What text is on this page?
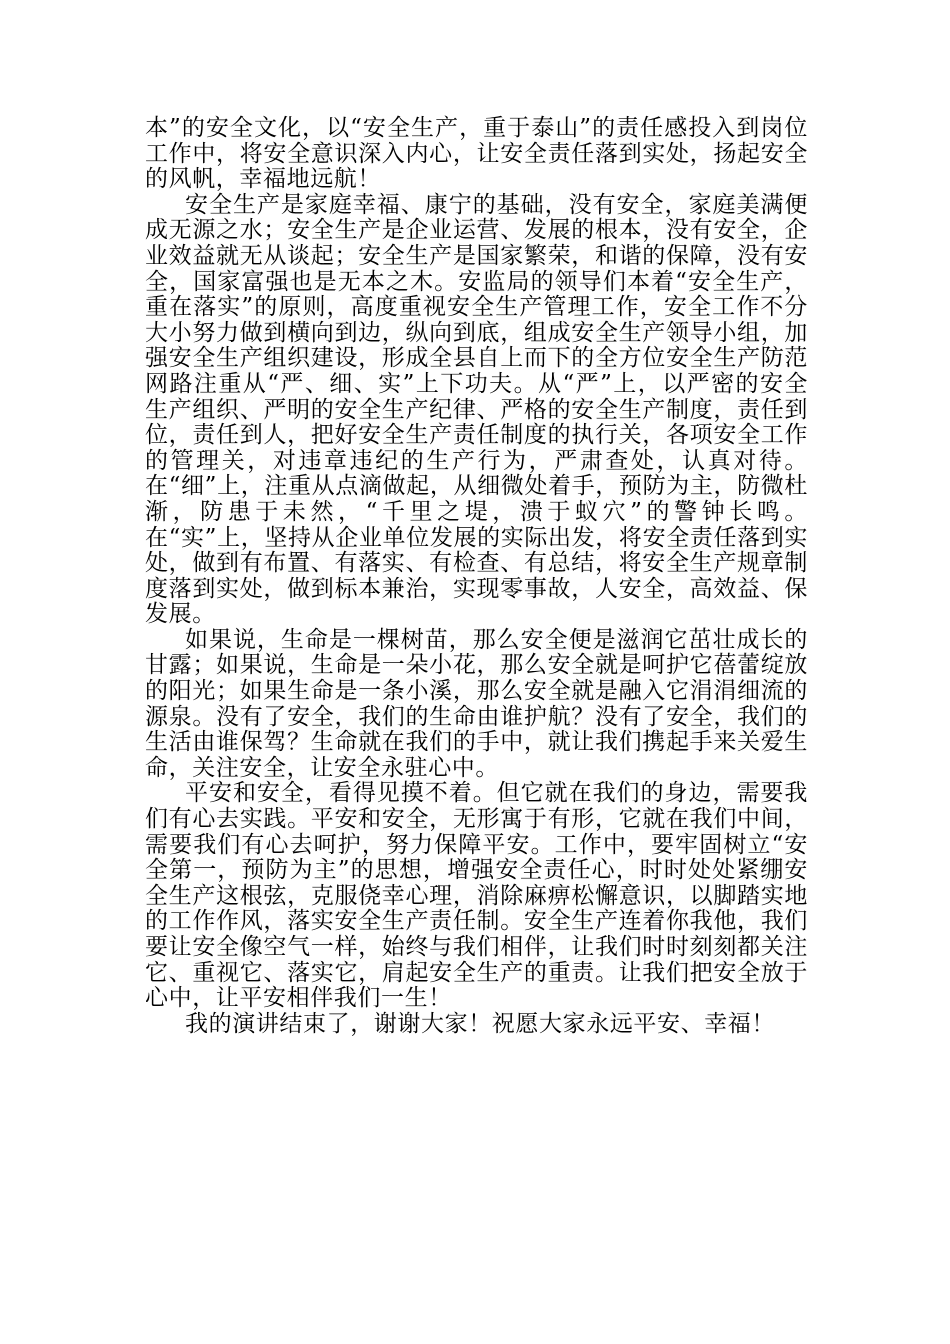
本”的安全文化，以“安全生产，重于泰山”的责任感投入到岗位工作中，将安全意识深入内心，让安全责任落到实处，扬起安全的风帆，幸福地远航！

安全生产是家庭幸福、康宁的基础，没有安全，家庭美满便成无源之水；安全生产是企业运营、发展的根本，没有安全，企业效益就无从谈起；安全生产是国家繁荣，和谐的保障，没有安全，国家富强也是无本之木。安监局的领导们本着“安全生产，重在落实”的原则，高度重视安全生产管理工作，安全工作不分大小努力做到横向到边，纵向到底，组成安全生产领导小组，加强安全生产组织建设，形成全县自上而下的全方位安全生产防范网路注重从“严、细、实”上下功夫。从“严”上，以严密的安全生产组织、严明的安全生产纪律、严格的安全生产制度，责任到位，责任到人，把好安全生产责任制度的执行关，各项安全工作的管理关，对违章违纪的生产行为，严肃查处，认真对待。在“细”上，注重从点滴做起，从细微处着手，预防为主，防微杜渐，防患于未然，“千里之堤，溃于蚁穴”的警钟长鸣。在“实”上，坚持从企业单位发展的实际出发，将安全责任落到实处，做到有布置、有落实、有检查、有总结，将安全生产规章制度落到实处，做到标本兼治，实现零事故，人安全，高效益、保发展。

如果说，生命是一棵树苗，那么安全便是滋润它茁壮成长的甘露；如果说，生命是一朵小花，那么安全就是呵护它蓓蕾绽放的阳光；如果生命是一条小溪，那么安全就是融入它涓涓细流的源泉。没有了安全，我们的生命由谁护航？没有了安全，我们的生活由谁保驾？生命就在我们的手中，就让我们携起手来关爱生命，关注安全，让安全永驻心中。

平安和安全，看得见摸不着。但它就在我们的身边，需要我们有心去实践。平安和安全，无形寓于有形，它就在我们中间，需要我们有心去呵护，努力保障平安。工作中，要牢固树立“安全第一，预防为主”的思想，增强安全责任心，时时处处紧绷安全生产这根弦，克服侥幸心理，消除麻痹松懈意识，以脚踏实地的工作作风，落实安全生产责任制。安全生产连着你我他，我们要让安全像空气一样，始终与我们相伴，让我们时时刻刻都关注它、重视它、落实它，肩起安全生产的重责。让我们把安全放于心中，让平安相伴我们一生！

我的演讲结束了，谢谢大家！祝愿大家永远平安、幸福！
